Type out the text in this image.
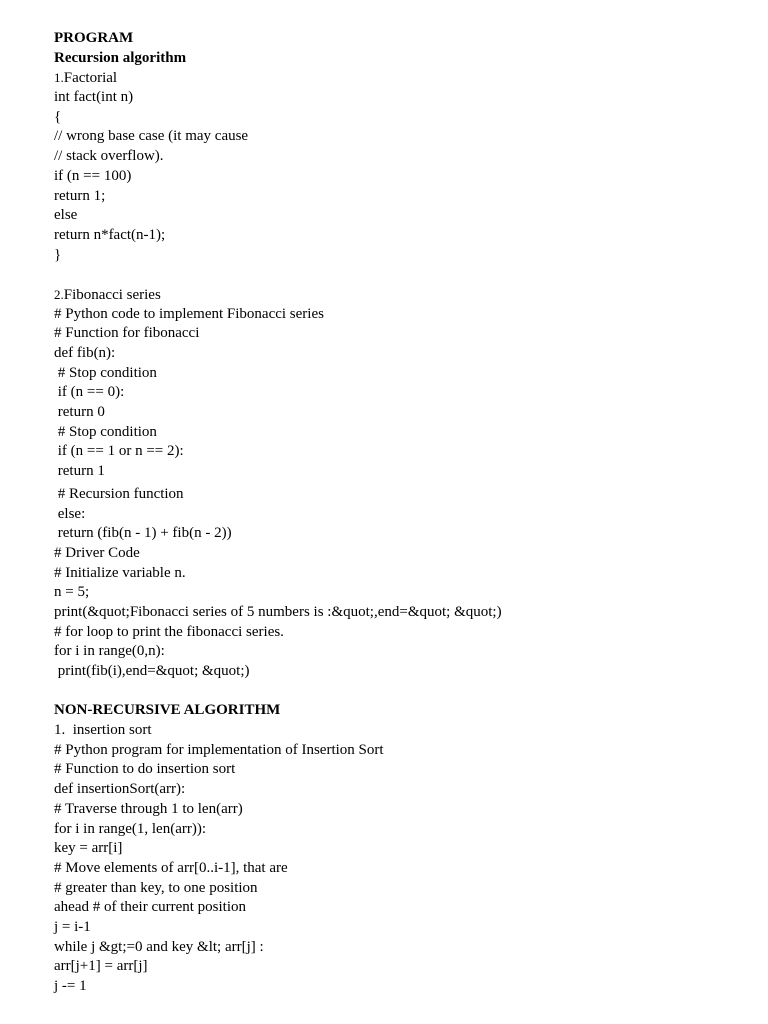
PROGRAM
Recursion algorithm
1.Factorial
int fact(int n)
{
// wrong base case (it may cause
// stack overflow).
if (n == 100)
return 1;
else
return n*fact(n-1);
}
2.Fibonacci series
# Python code to implement Fibonacci series
# Function for fibonacci
def fib(n):
# Stop condition
if (n == 0):
return 0
# Stop condition
if (n == 1 or n == 2):
return 1
# Recursion function
else:
return (fib(n - 1) + fib(n - 2))
# Driver Code
# Initialize variable n.
n = 5;
print(&quot;Fibonacci series of 5 numbers is :&quot;,end=&quot; &quot;)
# for loop to print the fibonacci series.
for i in range(0,n):
print(fib(i),end=&quot; &quot;)
NON-RECURSIVE ALGORITHM
1.  insertion sort
# Python program for implementation of Insertion Sort
# Function to do insertion sort
def insertionSort(arr):
# Traverse through 1 to len(arr)
for i in range(1, len(arr)):
key = arr[i]
# Move elements of arr[0..i-1], that are
# greater than key, to one position
ahead # of their current position
j = i-1
while j &gt;=0 and key &lt; arr[j] :
arr[j+1] = arr[j]
j -= 1
